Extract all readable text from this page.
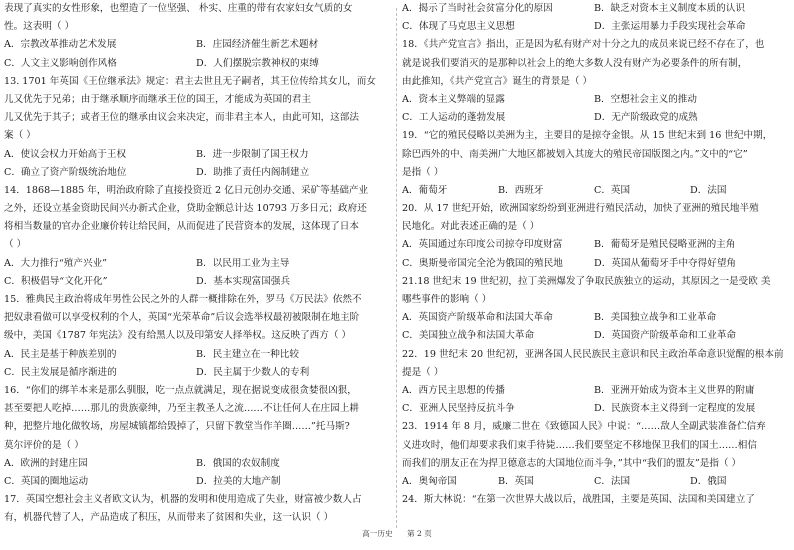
表现了真实的女性形象，也塑造了一位坚强、 朴实、庄重的带有农家妇女气质的女
性。这表明（ ）
A．宗教改革推动艺术发展	B．庄园经济催生新艺术题材
C．人文主义影响创作风格	D．人们摆脱宗教神权的束缚
13. 1701 年英国《王位继承法》规定：君主去世且无子嗣者，其王位传给其女儿，而女
儿又优先于兄弟；由于继承顺序而继承王位的国王，才能成为英国的君主
儿又优先于其子；或者王位的继承由议会来决定，而非君主本人，由此可知，这部法
案（ ）
A．使议会权力开始高于王权	B．进一步限制了国王权力
C．确立了资产阶级统治地位	D．助推了责任内阁制建立
14．1868—1885 年，明治政府除了直接投资近 2 亿日元创办交通、采矿等基础产业
之外，还设立基金资助民间兴办新式企业，贷助金额总计达 10793 万多日元；政府还
将相当数量的官办企业廉价转让给民间，从而促进了民营资本的发展，这体现了日本
（ ）
A．大力推行“殖产兴业”	B．以民用工业为主导
C．积极倡导“文化开化”	D．基本实现富国强兵
15．雅典民主政治将成年男性公民之外的人群一概排除在外，罗马《万民法》依然不
把奴隶看做可以享受权利的个人，英国“光荣革命”后议会选举权最初被限制在地主阶
级中，美国《1787 年宪法》没有给黑人以及印第安人择举权。这反映了西方（ ）
A．民主是基于种族差别的	B．民主建立在一种比较
C．民主发展是循序渐进的	D．民主属于少数人的专利
16．“你们的绑羊本来是那么驯服，吃一点点就满足，现在据说变成很贪婪很凶狠，
甚至要把人吃掉……那儿的贵族豪绅，乃至主教圣人之流……不让任何人在庄园上耕
种，把整片地化做牧场，房屋城镇都给毁掉了，只留下教堂当作羊圈……”托马斯?
莫尔评价的是（ ）
A．欧洲的封建庄园	B．俄国的农奴制度
C．英国的圈地运动	D．拉美的大地产制
17．英国空想社会主义者欧文认为，机器的发明和使用造成了失业，财富被少数人占
有，机器代替了人，产品造成了积压，从而带来了贫困和失业，这一认识（ ）
A．揭示了当时社会贫富分化的原因	B．缺乏对资本主义制度本质的认识
C．体现了马克思主义思想	D．主张运用暴力手段实现社会革命
18．《共产党宣言》指出，正是因为私有财产对十分之九的成员来说已经不存在了，也
就是说我们要消灭的是那种以社会上的绝大多数人没有财产为必要条件的所有制，
由此推知，《共产党宣言》诞生的背景是（ ）
A．资本主义弊端的显露	B．空想社会主义的推动
C．工人运动的蓬勃发展	D．无产阶级政党的成熟
19．“它的殖民侵略以美洲为主，主要目的是掠夺金银。从 15 世纪末到 16 世纪中期，
除巴西外的中、南美洲广大地区都被划入其庞大的殖民帝国版图之内。”文中的“它”
是指（ ）
A．葡萄牙	B．西班牙	C．英国	D．法国
20．从 17 世纪开始，欧洲国家纷纷到亚洲进行殖民活动，加快了亚洲的殖民地半殖
民地化。对此表述正确的是（ ）
A．英国通过东印度公司掠夺印度财富	B．葡萄牙是殖民侵略亚洲的主角
C．奥斯曼帝国完全沦为俄国的殖民地	D．英国从葡萄牙手中夺得好望角
21.18 世纪末 19 世纪初，拉丁美洲爆发了争取民族独立的运动，其原因之一是受欧 美
哪些事件的影响（ ）
A．英国资产阶级革命和法国大革命	B．美国独立战争和工业革命
C．美国独立战争和法国大革命	D．英国资产阶级革命和工业革命
22．19 世纪末 20 世纪初，亚洲各国人民民族民主意识和民主政治革命意识觉醒的根本前
提是（ ）
A．西方民主思想的传播	B．亚洲开始成为资本主义世界的附庸
C．亚洲人民坚持反抗斗争	D．民族资本主义得到一定程度的发展
23．1914 年 8 月，威廉二世在《致德国人民》中说：“……敌人全副武装准备伫信弃
义进攻时，他们却要求我们束手待毙……我们要坚定不移地保卫我们的国土……相信
而我们的朋友正在为捍卫德意志的大国地位而斗争，”其中“我们的盟友”是指（ ）
A．奥匈帝国	B．英国	C．法国	D．俄国
24．斯大林说：“在第一次世界大战以后，战胜国，主要是英国、法国和美国建立了
高一历史 第 2 页
